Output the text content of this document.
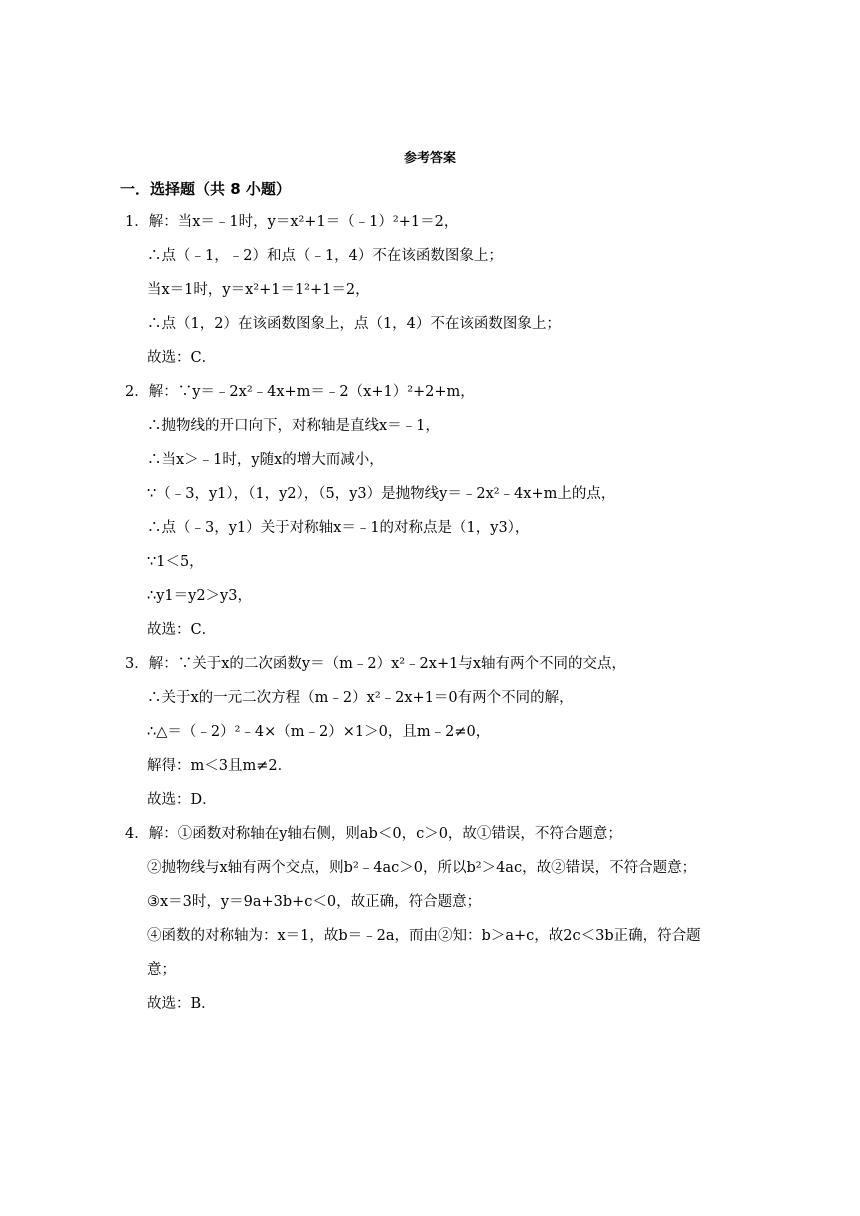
参考答案
一．选择题（共 8 小题）
1．解：当x＝﹣1时，y＝x²+1＝（﹣1）²+1＝2，
∴点（﹣1，﹣2）和点（﹣1，4）不在该函数图象上；
当x＝1时，y＝x²+1＝1²+1＝2，
∴点（1，2）在该函数图象上，点（1，4）不在该函数图象上；
故选：C．
2．解：∵y＝﹣2x²﹣4x+m＝﹣2（x+1）²+2+m，
∴抛物线的开口向下，对称轴是直线x＝﹣1，
∴当x＞﹣1时，y随x的增大而减小，
∵（﹣3，y1），（1，y2），（5，y3）是抛物线y＝﹣2x²﹣4x+m上的点，
∴点（﹣3，y1）关于对称轴x＝﹣1的对称点是（1，y3），
∵1＜5，
∴y1＝y2＞y3，
故选：C．
3．解：∵关于x的二次函数y＝（m﹣2）x²﹣2x+1与x轴有两个不同的交点，
∴关于x的一元二次方程（m﹣2）x²﹣2x+1＝0有两个不同的解，
∴△＝（﹣2）²﹣4×（m﹣2）×1＞0，且m﹣2≠0，
解得：m＜3且m≠2．
故选：D．
4．解：①函数对称轴在y轴右侧，则ab＜0，c＞0，故①错误，不符合题意；
②抛物线与x轴有两个交点，则b²﹣4ac＞0，所以b²＞4ac，故②错误，不符合题意；
③x＝3时，y＝9a+3b+c＜0，故正确，符合题意；
④函数的对称轴为：x＝1，故b＝﹣2a，而由②知：b＞a+c，故2c＜3b正确，符合题
意；
故选：B．
